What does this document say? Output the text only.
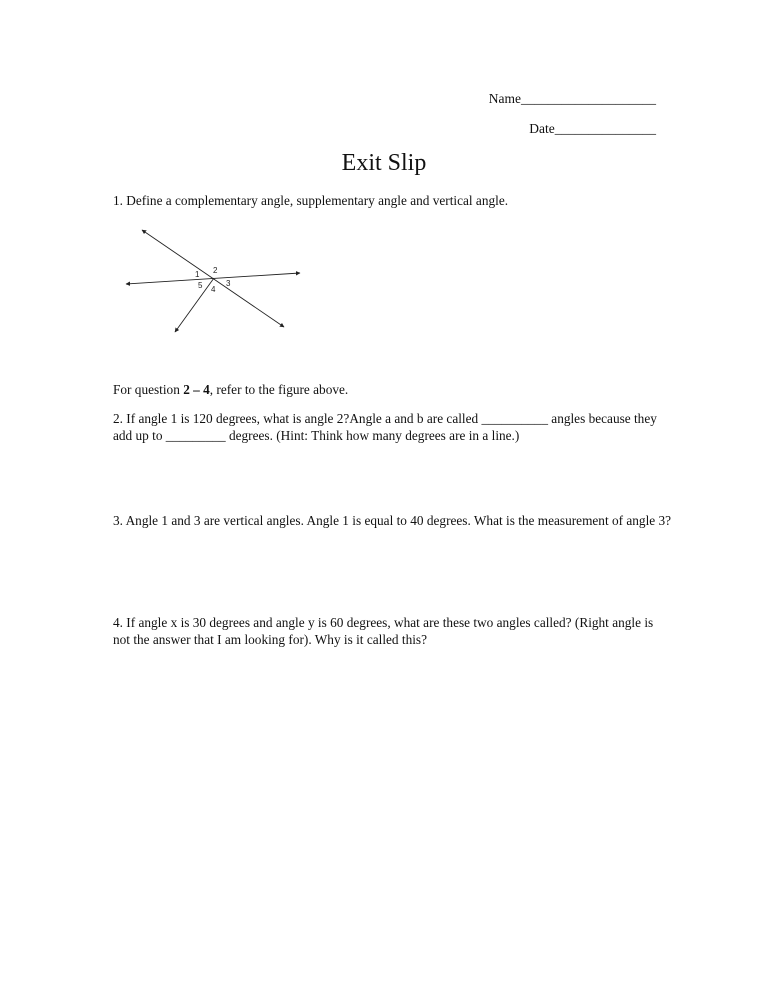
Name____________________
Date_______________
Exit Slip
1. Define a complementary angle, supplementary angle and vertical angle.
1 2
3
4
5
For question 2 – 4, refer to the figure above.
2. If angle 1 is 120 degrees, what is angle 2?Angle a and b are called __________ angles because they add up to _________ degrees. (Hint: Think how many degrees are in a line.)
3. Angle 1 and 3 are vertical angles. Angle 1 is equal to 40 degrees. What is the measurement of angle 3?
4. If angle x is 30 degrees and angle y is 60 degrees, what are these two angles called? (Right angle is not the answer that I am looking for). Why is it called this?
